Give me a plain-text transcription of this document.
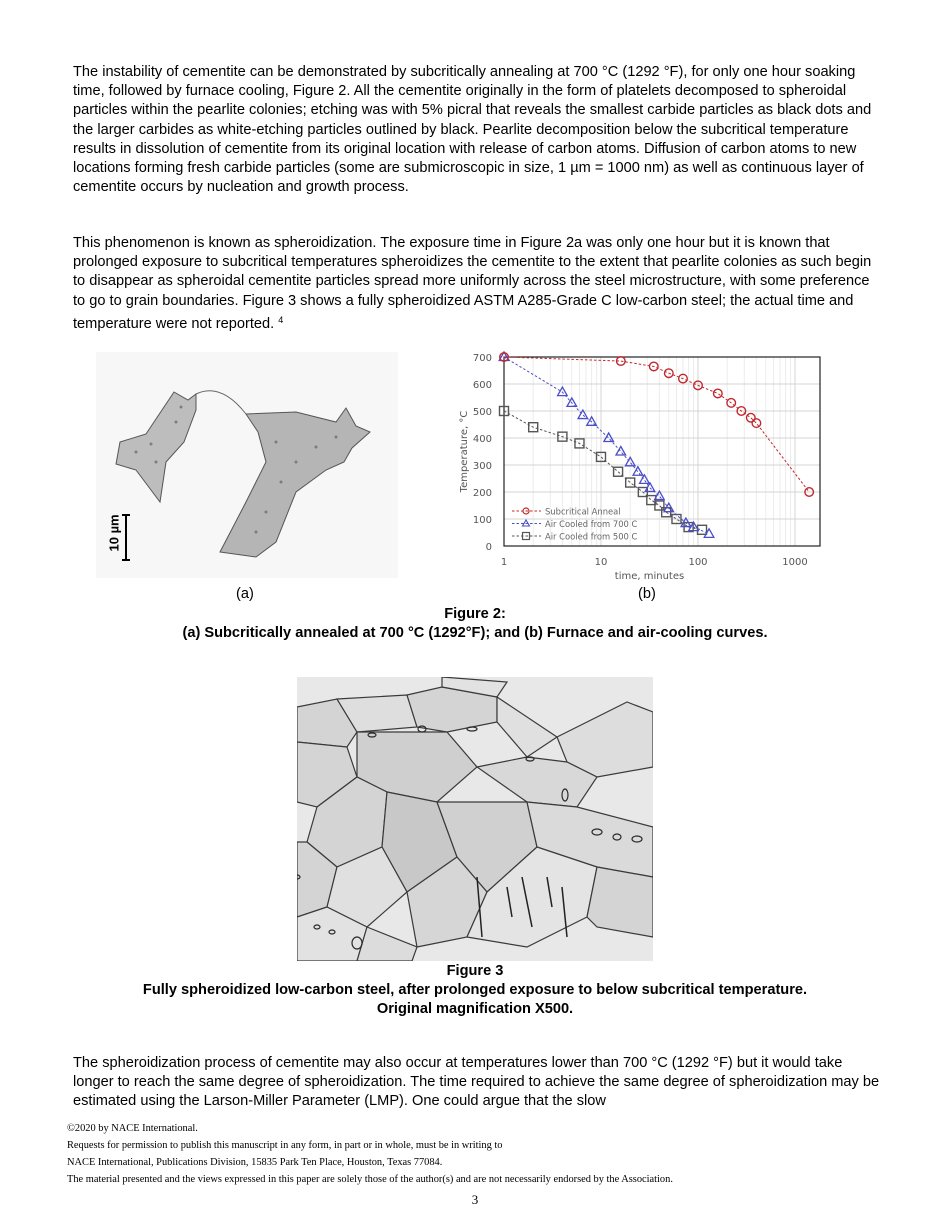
The instability of cementite can be demonstrated by subcritically annealing at 700 °C (1292 °F), for only one hour soaking time, followed by furnace cooling, Figure 2. All the cementite originally in the form of platelets decomposed to spheroidal particles within the pearlite colonies; etching was with 5% picral that reveals the smallest carbide particles as black dots and the larger carbides as white-etching particles outlined by black. Pearlite decomposition below the subcritical temperature results in dissolution of cementite from its original location with release of carbon atoms. Diffusion of carbon atoms to new locations forming fresh carbide particles (some are submicroscopic in size, 1 µm = 1000 nm) as well as continuous layer of cementite occurs by nucleation and growth process.

This phenomenon is known as spheroidization. The exposure time in Figure 2a was only one hour but it is known that prolonged exposure to subcritical temperatures spheroidizes the cementite to the extent that pearlite colonies as such begin to disappear as spheroidal cementite particles spread more uniformly across the steel microstructure, with some preference to go to grain boundaries. Figure 3 shows a fully spheroidized ASTM A285-Grade C low-carbon steel; the actual time and temperature were not reported. $^4$

10 µm	0
100
200
300
400
500
600
700
1	10	100	1000
time, minutes
Temperature, °C
Subcritical Anneal
Air Cooled from 700 C
Air Cooled from 500 C
(a)	(b)

Figure 2:

(a) Subcritically annealed at 700 °C (1292°F); and (b) Furnace and air-cooling curves.

Figure 3

Fully spheroidized low-carbon steel, after prolonged exposure to below subcritical temperature.

Original magnification X500.

The spheroidization process of cementite may also occur at temperatures lower than 700 °C (1292 °F) but it would take longer to reach the same degree of spheroidization. The time required to achieve the same degree of spheroidization may be estimated using the Larson-Miller Parameter (LMP). One could argue that the slow

©2020 by NACE International.

Requests for permission to publish this manuscript in any form, in part or in whole, must be in writing to

NACE International, Publications Division, 15835 Park Ten Place, Houston, Texas 77084.

The material presented and the views expressed in this paper are solely those of the author(s) and are not necessarily endorsed by the Association.

3
